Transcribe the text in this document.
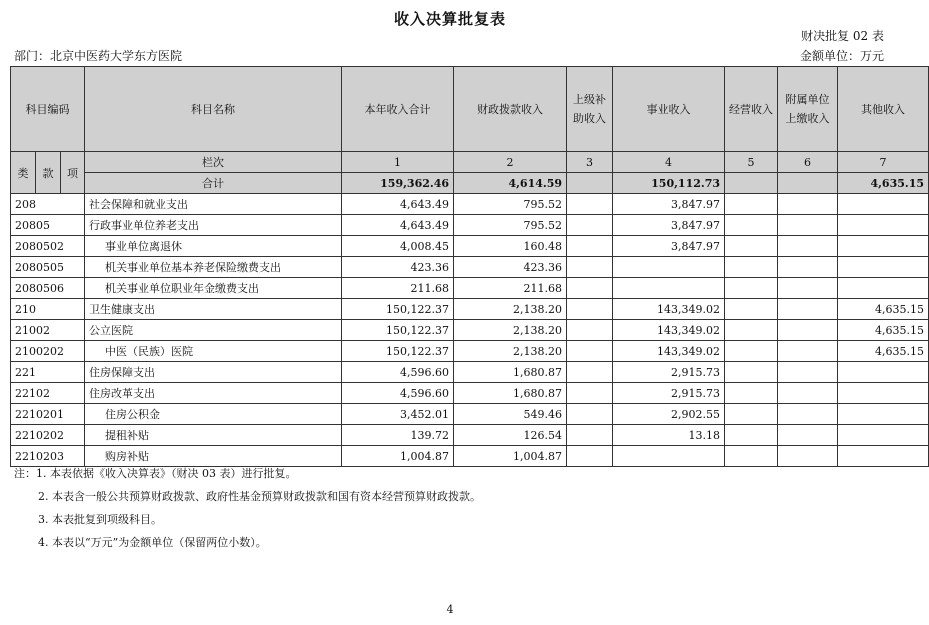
收入决算批复表
财决批复 02 表
部门：北京中医药大学东方医院	金额单位：万元
科目编码			科目名称	本年收入合计	财政拨款收入	上级补助收入	事业收入	经营收入	附属单位上缴收入	其他收入
类	款	项	栏次	1	2	3	4	5	6	7
			合计	159,362.46	4,614.59		150,112.73			4,635.15
208			社会保障和就业支出	4,643.49	795.52		3,847.97			
20805			行政事业单位养老支出	4,643.49	795.52		3,847.97			
2080502			事业单位离退休	4,008.45	160.48		3,847.97			
2080505			机关事业单位基本养老保险缴费支出	423.36	423.36					
2080506			机关事业单位职业年金缴费支出	211.68	211.68					
210			卫生健康支出	150,122.37	2,138.20		143,349.02			4,635.15
21002			公立医院	150,122.37	2,138.20		143,349.02			4,635.15
2100202			中医（民族）医院	150,122.37	2,138.20		143,349.02			4,635.15
221			住房保障支出	4,596.60	1,680.87		2,915.73			
22102			住房改革支出	4,596.60	1,680.87		2,915.73			
2210201			住房公积金	3,452.01	549.46		2,902.55			
2210202			提租补贴	139.72	126.54		13.18			
2210203			购房补贴	1,004.87	1,004.87					
注：1. 本表依据《收入决算表》（财决 03 表）进行批复。
2. 本表含一般公共预算财政拨款、政府性基金预算财政拨款和国有资本经营预算财政拨款。
3. 本表批复到项级科目。
4. 本表以“万元”为金额单位（保留两位小数）。
4
